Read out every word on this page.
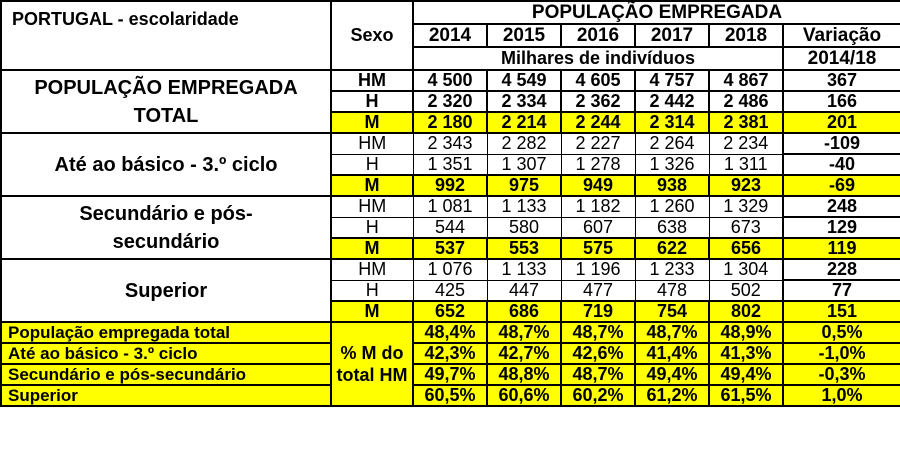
PORTUGAL - escolaridade	Sexo	POPULAÇÃO EMPREGADA					
		2014	2015	2016	2017	2018	Variação
		Milhares de indivíduos					2014/18
POPULAÇÃO EMPREGADA TOTAL	HM	4 500	4 549	4 605	4 757	4 867	367
	H	2 320	2 334	2 362	2 442	2 486	166
	M	2 180	2 214	2 244	2 314	2 381	201
Até ao básico - 3.º ciclo	HM	2 343	2 282	2 227	2 264	2 234	-109
	H	1 351	1 307	1 278	1 326	1 311	-40
	M	992	975	949	938	923	-69
Secundário e pós-secundário	HM	1 081	1 133	1 182	1 260	1 329	248
	H	544	580	607	638	673	129
	M	537	553	575	622	656	119
Superior	HM	1 076	1 133	1 196	1 233	1 304	228
	H	425	447	477	478	502	77
	M	652	686	719	754	802	151
População empregada total	% M do total HM	48,4%	48,7%	48,7%	48,7%	48,9%	0,5%
Até ao básico - 3.º ciclo		42,3%	42,7%	42,6%	41,4%	41,3%	-1,0%
Secundário e pós-secundário		49,7%	48,8%	48,7%	49,4%	49,4%	-0,3%
Superior		60,5%	60,6%	60,2%	61,2%	61,5%	1,0%
